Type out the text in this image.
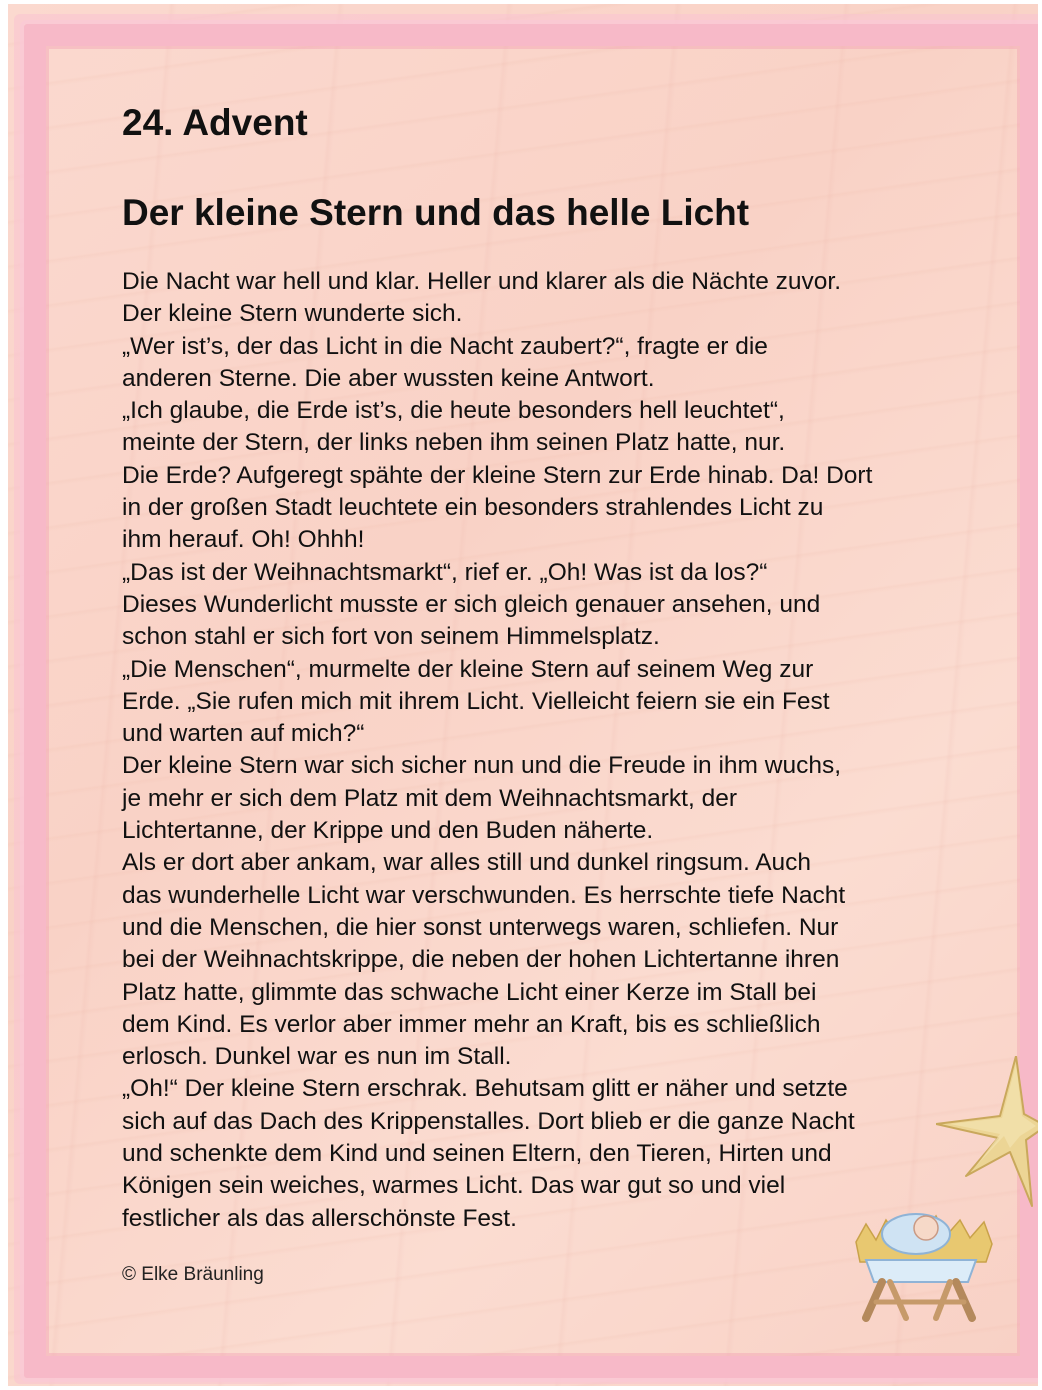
24. Advent
Der kleine Stern und das helle Licht
Die Nacht war hell und klar. Heller und klarer als die Nächte zuvor.
Der kleine Stern wunderte sich.
„Wer ist’s, der das Licht in die Nacht zaubert?“, fragte er die
anderen Sterne. Die aber wussten keine Antwort.
„Ich glaube, die Erde ist’s, die heute besonders hell leuchtet“,
meinte der Stern, der links neben ihm seinen Platz hatte, nur.
Die Erde? Aufgeregt spähte der kleine Stern zur Erde hinab. Da! Dort
in der großen Stadt leuchtete ein besonders strahlendes Licht zu
ihm herauf. Oh! Ohhh!
„Das ist der Weihnachtsmarkt“, rief er. „Oh! Was ist da los?“
Dieses Wunderlicht musste er sich gleich genauer ansehen, und
schon stahl er sich fort von seinem Himmelsplatz.
„Die Menschen“, murmelte der kleine Stern auf seinem Weg zur
Erde. „Sie rufen mich mit ihrem Licht. Vielleicht feiern sie ein Fest
und warten auf mich?“
Der kleine Stern war sich sicher nun und die Freude in ihm wuchs,
je mehr er sich dem Platz mit dem Weihnachtsmarkt, der
Lichtertanne, der Krippe und den Buden näherte.
Als er dort aber ankam, war alles still und dunkel ringsum. Auch
das wunderhelle Licht war verschwunden. Es herrschte tiefe Nacht
und die Menschen, die hier sonst unterwegs waren, schliefen. Nur
bei der Weihnachtskrippe, die neben der hohen Lichtertanne ihren
Platz hatte, glimmte das schwache Licht einer Kerze im Stall bei
dem Kind. Es verlor aber immer mehr an Kraft, bis es schließlich
erlosch. Dunkel war es nun im Stall.
„Oh!“ Der kleine Stern erschrak. Behutsam glitt er näher und setzte
sich auf das Dach des Krippenstalles. Dort blieb er die ganze Nacht
und schenkte dem Kind und seinen Eltern, den Tieren, Hirten und
Königen sein weiches, warmes Licht. Das war gut so und viel
festlicher als das allerschönste Fest.
© Elke Bräunling
